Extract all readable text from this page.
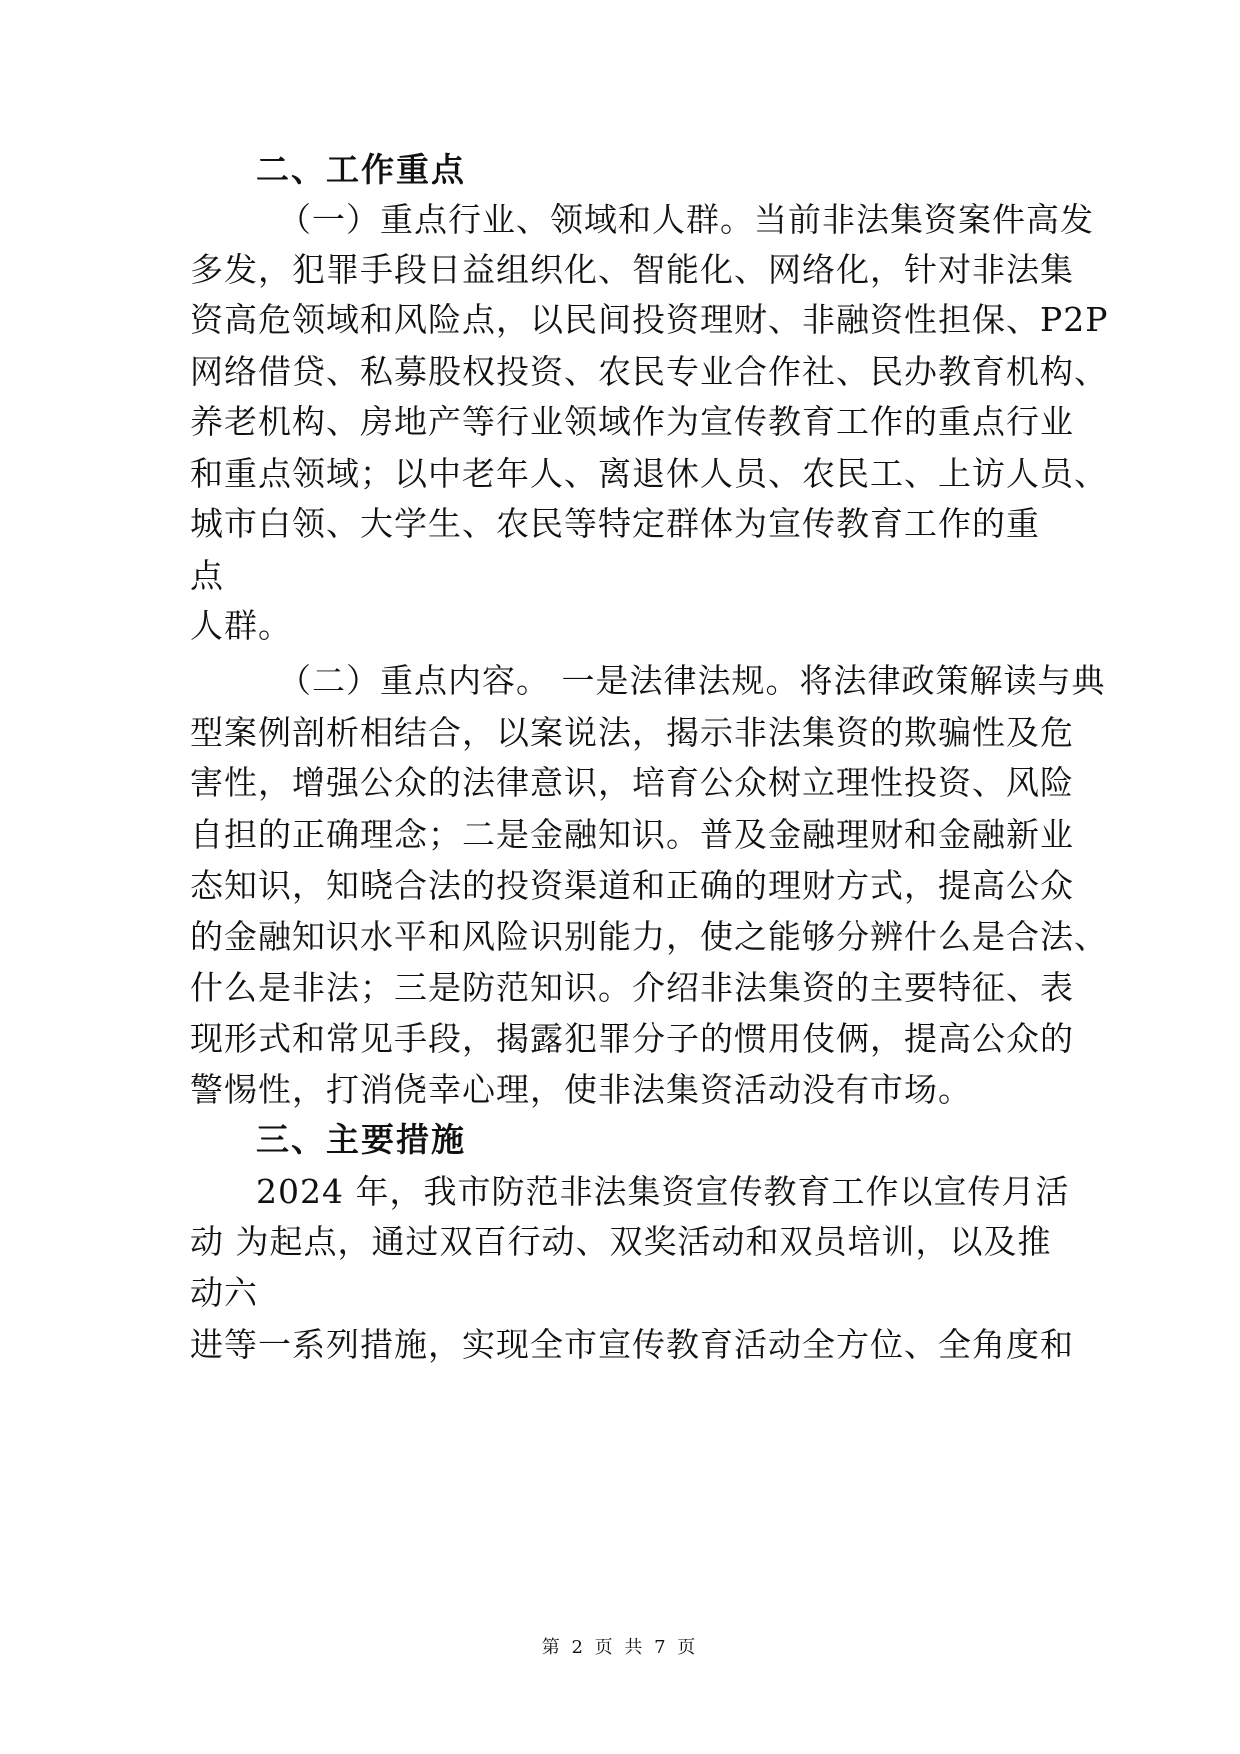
二、工作重点
（一）重点行业、领域和人群。当前非法集资案件高发
多发，犯罪手段日益组织化、智能化、网络化，针对非法集
资高危领域和风险点，以民间投资理财、非融资性担保、P2P
网络借贷、私募股权投资、农民专业合作社、民办教育机构、
养老机构、房地产等行业领域作为宣传教育工作的重点行业
和重点领域；以中老年人、离退休人员、农民工、上访人员、
城市白领、大学生、农民等特定群体为宣传教育工作的重
点
人群。
（二）重点内容。 一是法律法规。将法律政策解读与典
型案例剖析相结合，以案说法，揭示非法集资的欺骗性及危
害性，增强公众的法律意识，培育公众树立理性投资、风险
自担的正确理念；二是金融知识。普及金融理财和金融新业
态知识，知晓合法的投资渠道和正确的理财方式，提高公众
的金融知识水平和风险识别能力，使之能够分辨什么是合法、
什么是非法；三是防范知识。介绍非法集资的主要特征、表
现形式和常见手段，揭露犯罪分子的惯用伎俩，提高公众的
警惕性，打消侥幸心理，使非法集资活动没有市场。
三、主要措施
2024 年，我市防范非法集资宣传教育工作以宣传月活
动 为起点，通过双百行动、双奖活动和双员培训，以及推
动六
进等一系列措施，实现全市宣传教育活动全方位、全角度和
第 2 页 共 7 页
